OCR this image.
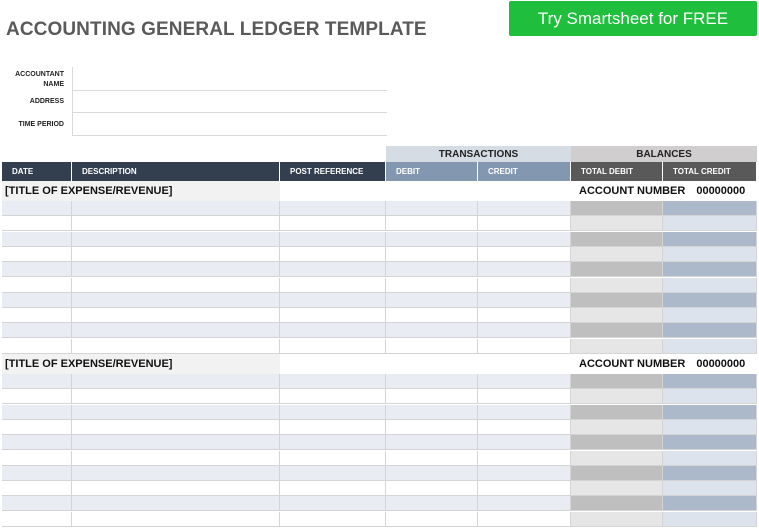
ACCOUNTING GENERAL LEDGER TEMPLATE
Try Smartsheet for FREE
ACCOUNTANT NAME
ADDRESS
TIME PERIOD
TRANSACTIONS	BALANCES
DATE	DESCRIPTION	POST REFERENCE	DEBIT	CREDIT	TOTAL DEBIT	TOTAL CREDIT
[TITLE OF EXPENSE/REVENUE]	ACCOUNT NUMBER 00000000
[TITLE OF EXPENSE/REVENUE]	ACCOUNT NUMBER 00000000
